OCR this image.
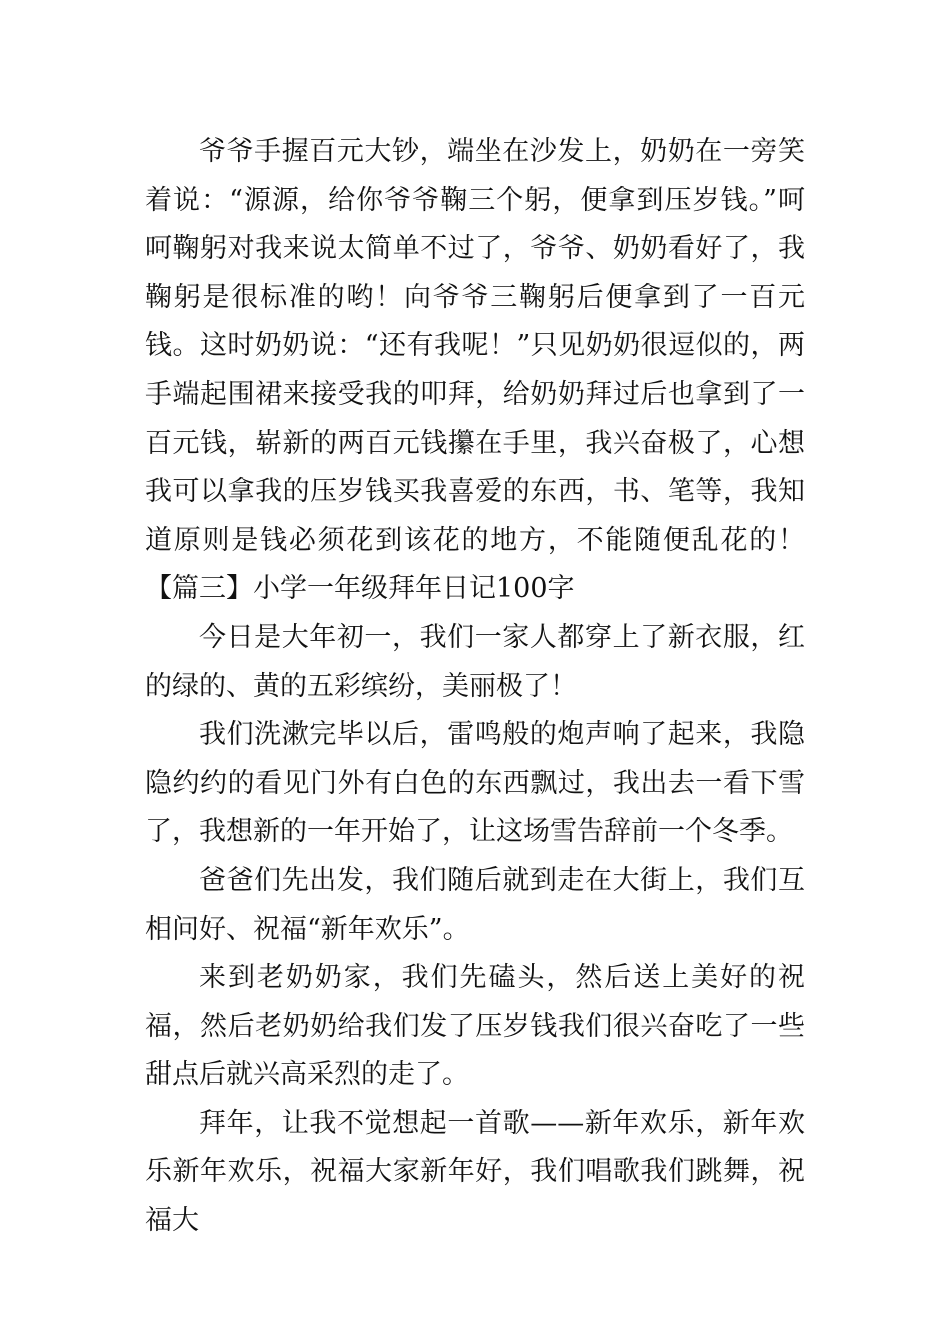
爷爷手握百元大钞，端坐在沙发上，奶奶在一旁笑着说：“源源，给你爷爷鞠三个躬，便拿到压岁钱。”呵呵鞠躬对我来说太简单不过了，爷爷、奶奶看好了，我鞠躬是很标准的哟！向爷爷三鞠躬后便拿到了一百元钱。这时奶奶说：“还有我呢！”只见奶奶很逗似的，两手端起围裙来接受我的叩拜，给奶奶拜过后也拿到了一百元钱，崭新的两百元钱攥在手里，我兴奋极了，心想我可以拿我的压岁钱买我喜爱的东西，书、笔等，我知道原则是钱必须花到该花的地方，不能随便乱花的！【篇三】小学一年级拜年日记100字

今日是大年初一，我们一家人都穿上了新衣服，红的绿的、黄的五彩缤纷，美丽极了！

我们洗漱完毕以后，雷鸣般的炮声响了起来，我隐隐约约的看见门外有白色的东西飘过，我出去一看下雪了，我想新的一年开始了，让这场雪告辞前一个冬季。

爸爸们先出发，我们随后就到走在大街上，我们互相问好、祝福“新年欢乐”。

来到老奶奶家，我们先磕头，然后送上美好的祝福，然后老奶奶给我们发了压岁钱我们很兴奋吃了一些甜点后就兴高采烈的走了。

拜年，让我不觉想起一首歌——新年欢乐，新年欢乐新年欢乐，祝福大家新年好，我们唱歌我们跳舞，祝福大
